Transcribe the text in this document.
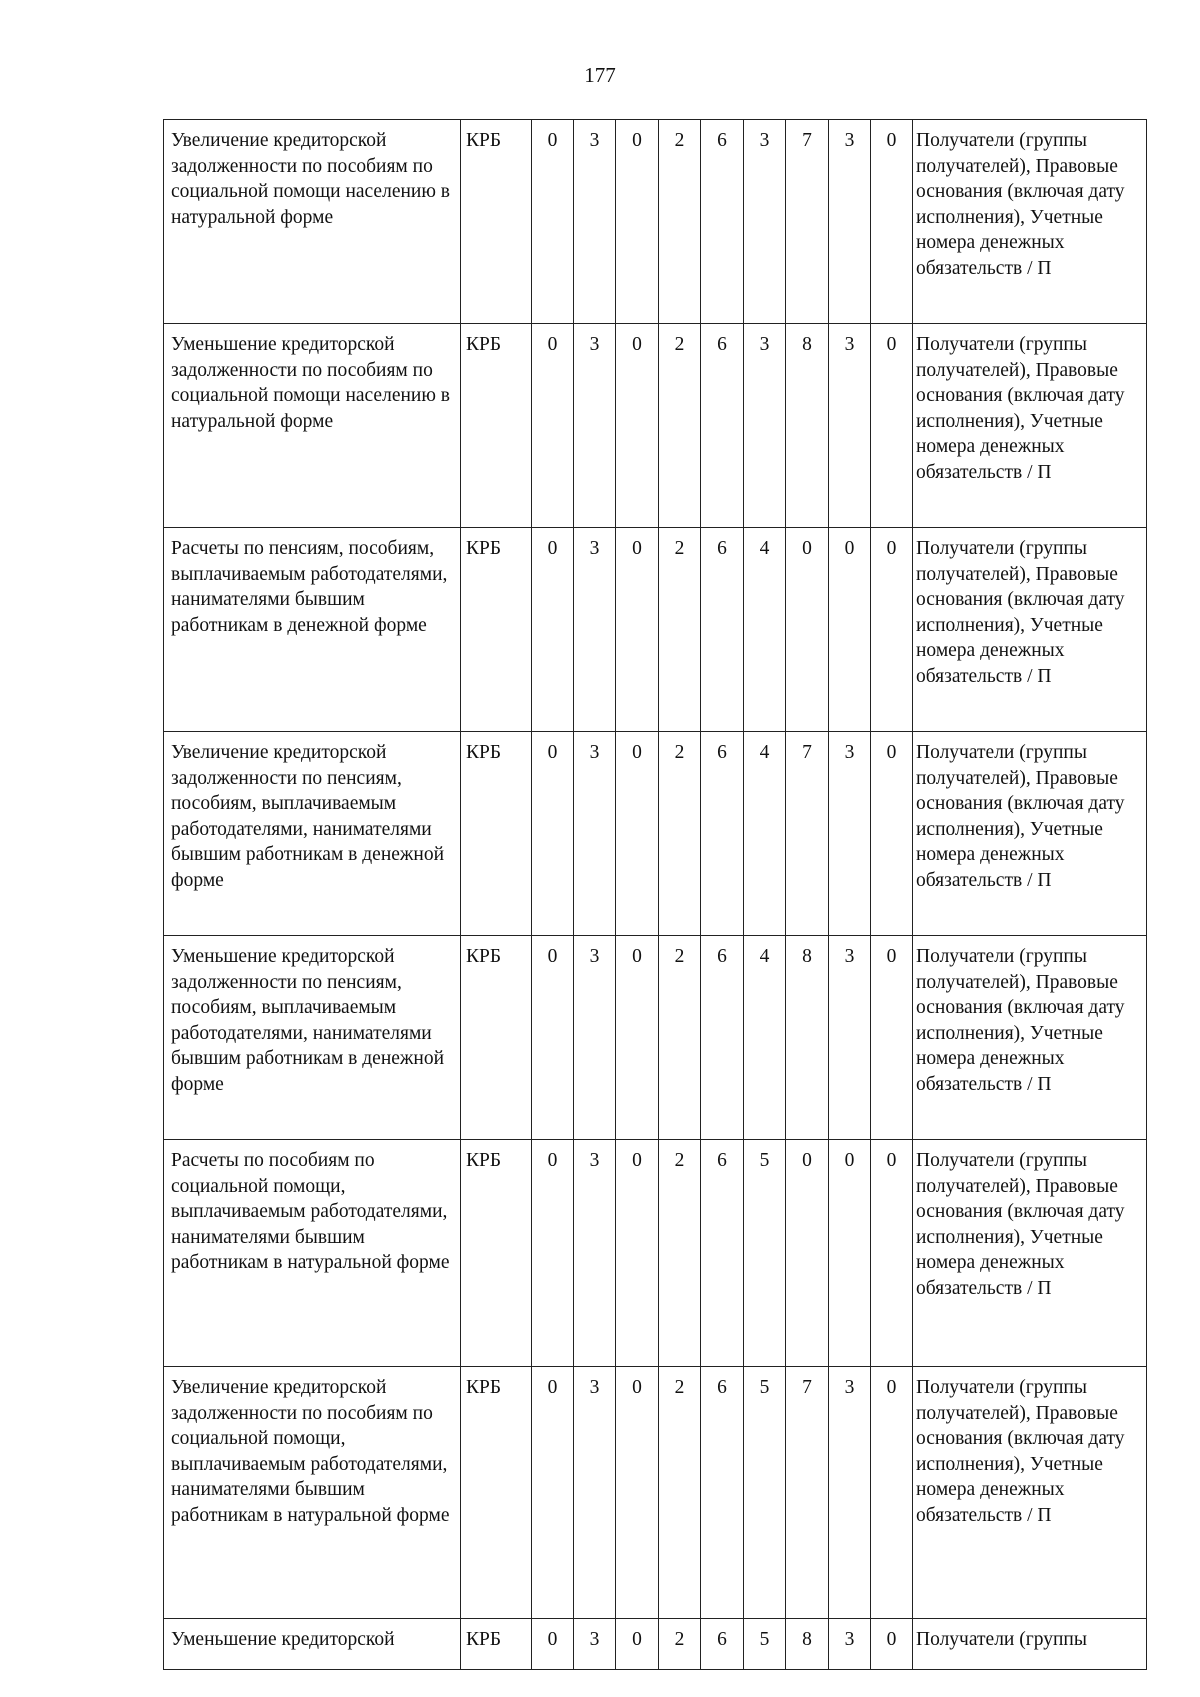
177
Увеличение кредиторской задолженности по пособиям по социальной помощи населению в натуральной форме	КРБ	0	3	0	2	6	3	7	3	0	Получатели (группы получателей), Правовые основания (включая дату исполнения), Учетные номера денежных обязательств / П
Уменьшение кредиторской задолженности по пособиям по социальной помощи населению в натуральной форме	КРБ	0	3	0	2	6	3	8	3	0	Получатели (группы получателей), Правовые основания (включая дату исполнения), Учетные номера денежных обязательств / П
Расчеты по пенсиям, пособиям, выплачиваемым работодателями, нанимателями бывшим работникам в денежной форме	КРБ	0	3	0	2	6	4	0	0	0	Получатели (группы получателей), Правовые основания (включая дату исполнения), Учетные номера денежных обязательств / П
Увеличение кредиторской задолженности по пенсиям, пособиям, выплачиваемым работодателями, нанимателями бывшим работникам в денежной форме	КРБ	0	3	0	2	6	4	7	3	0	Получатели (группы получателей), Правовые основания (включая дату исполнения), Учетные номера денежных обязательств / П
Уменьшение кредиторской задолженности по пенсиям, пособиям, выплачиваемым работодателями, нанимателями бывшим работникам в денежной форме	КРБ	0	3	0	2	6	4	8	3	0	Получатели (группы получателей), Правовые основания (включая дату исполнения), Учетные номера денежных обязательств / П
Расчеты по пособиям по социальной помощи, выплачиваемым работодателями, нанимателями бывшим работникам в натуральной форме	КРБ	0	3	0	2	6	5	0	0	0	Получатели (группы получателей), Правовые основания (включая дату исполнения), Учетные номера денежных обязательств / П
Увеличение кредиторской задолженности по пособиям по социальной помощи, выплачиваемым работодателями, нанимателями бывшим работникам в натуральной форме	КРБ	0	3	0	2	6	5	7	3	0	Получатели (группы получателей), Правовые основания (включая дату исполнения), Учетные номера денежных обязательств / П
Уменьшение кредиторской	КРБ	0	3	0	2	6	5	8	3	0	Получатели (группы
